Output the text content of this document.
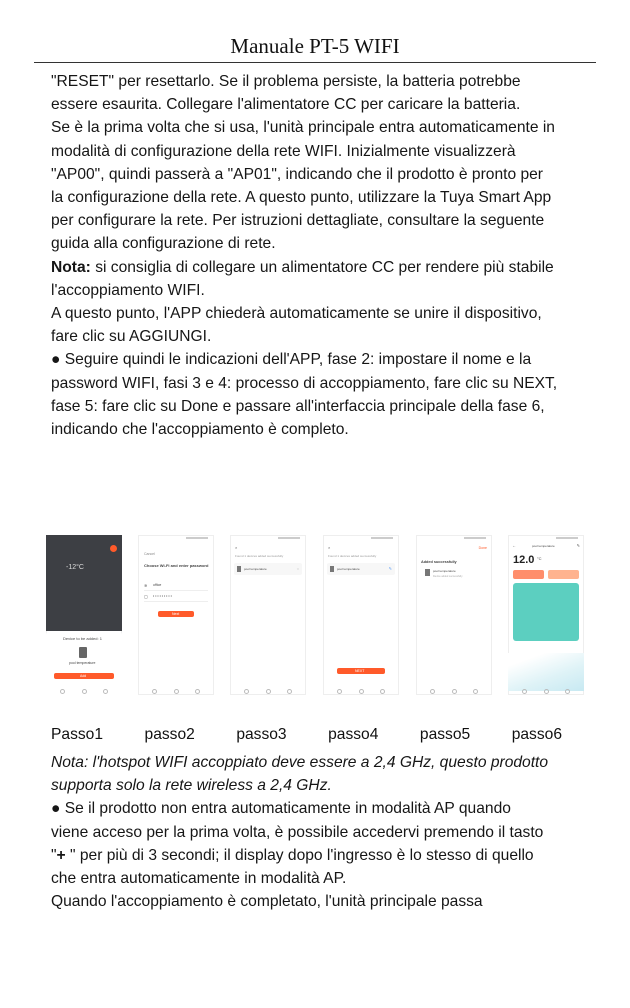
Manuale PT-5 WIFI
"RESET" per resettarlo. Se il problema persiste, la batteria potrebbe
essere esaurita. Collegare l'alimentatore CC per caricare la batteria.
Se è la prima volta che si usa, l'unità principale entra automaticamente in
modalità di configurazione della rete WIFI. Inizialmente visualizzerà
"AP00", quindi passerà a "AP01", indicando che il prodotto è pronto per
la configurazione della rete. A questo punto, utilizzare la Tuya Smart App
per configurare la rete. Per istruzioni dettagliate, consultare la seguente
guida alla configurazione di rete.
Nota: si consiglia di collegare un alimentatore CC per rendere più stabile
l'accoppiamento WIFI.
A questo punto, l'APP chiederà automaticamente se unire il dispositivo,
fare clic su AGGIUNGI.
● Seguire quindi le indicazioni dell'APP, fase 2: impostare il nome e la
password WIFI, fasi 3 e 4: processo di accoppiamento, fare clic su NEXT,
fase 5: fare clic su Done e passare all'interfaccia principale della fase 6,
indicando che l'accoppiamento è completo.
-12°C
Device to be added: 1
pool temperature
Add
Cancel
Choose Wi-Fi and enter password
≋ office
▢ • • • • • • • • •
Next
×
Found 1 devices added successfully
pool temperature	○
×
Found 1 devices added successfully
pool temperature	✎
NEXT
Done
Added successfully
pool temperature
Device added successfully
←	pool temperature	✎
12.0 °C
Passo1	passo2	passo3	passo4	passo5	passo6
Nota: l'hotspot WIFI accoppiato deve essere a 2,4 GHz, questo prodotto
supporta solo la rete wireless a 2,4 GHz.
● Se il prodotto non entra automaticamente in modalità AP quando
viene acceso per la prima volta, è possibile accedervi premendo il tasto
"+ " per più di 3 secondi; il display dopo l'ingresso è lo stesso di quello
che entra automaticamente in modalità AP.
Quando l'accoppiamento è completato, l'unità principale passa
